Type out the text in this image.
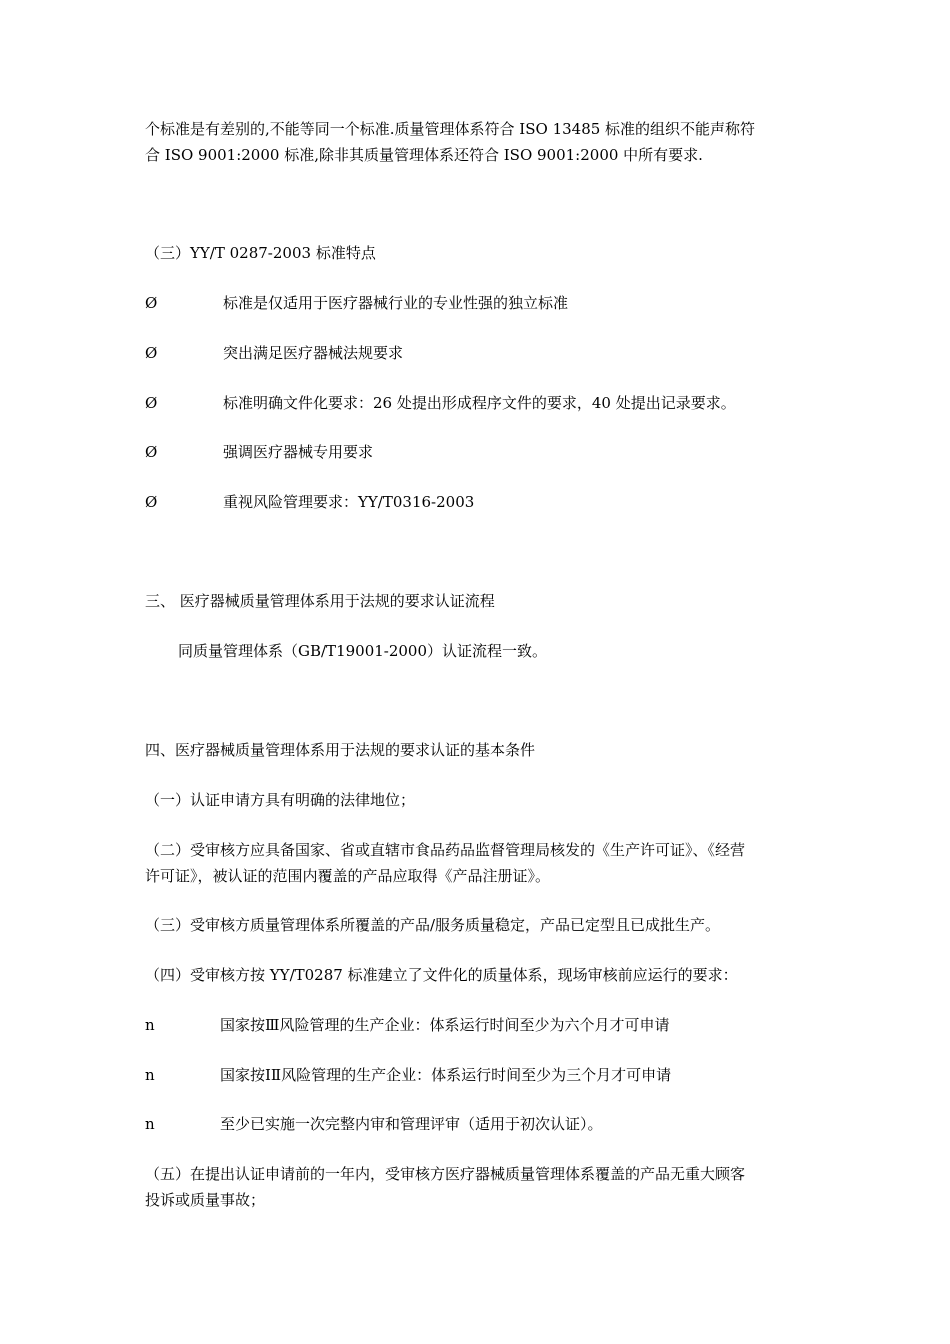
个标准是有差别的,不能等同一个标准.质量管理体系符合 ISO 13485 标准的组织不能声称符
合 ISO 9001:2000 标准,除非其质量管理体系还符合 ISO 9001:2000 中所有要求.
（三）YY/T 0287-2003 标准特点
Ø	标准是仅适用于医疗器械行业的专业性强的独立标准
Ø	突出满足医疗器械法规要求
Ø	标准明确文件化要求：26 处提出形成程序文件的要求，40 处提出记录要求。
Ø	强调医疗器械专用要求
Ø	重视风险管理要求：YY/T0316-2003
三、 医疗器械质量管理体系用于法规的要求认证流程
同质量管理体系（GB/T19001-2000）认证流程一致。
四、医疗器械质量管理体系用于法规的要求认证的基本条件
（一）认证申请方具有明确的法律地位；
（二）受审核方应具备国家、省或直辖市食品药品监督管理局核发的《生产许可证》、《经营
许可证》，被认证的范围内覆盖的产品应取得《产品注册证》。
（三）受审核方质量管理体系所覆盖的产品/服务质量稳定，产品已定型且已成批生产。
（四）受审核方按 YY/T0287 标准建立了文件化的质量体系，现场审核前应运行的要求：
n	国家按Ⅲ风险管理的生产企业：体系运行时间至少为六个月才可申请
n	国家按ⅠⅡ风险管理的生产企业：体系运行时间至少为三个月才可申请
n	至少已实施一次完整内审和管理评审（适用于初次认证）。
（五）在提出认证申请前的一年内，受审核方医疗器械质量管理体系覆盖的产品无重大顾客
投诉或质量事故；
